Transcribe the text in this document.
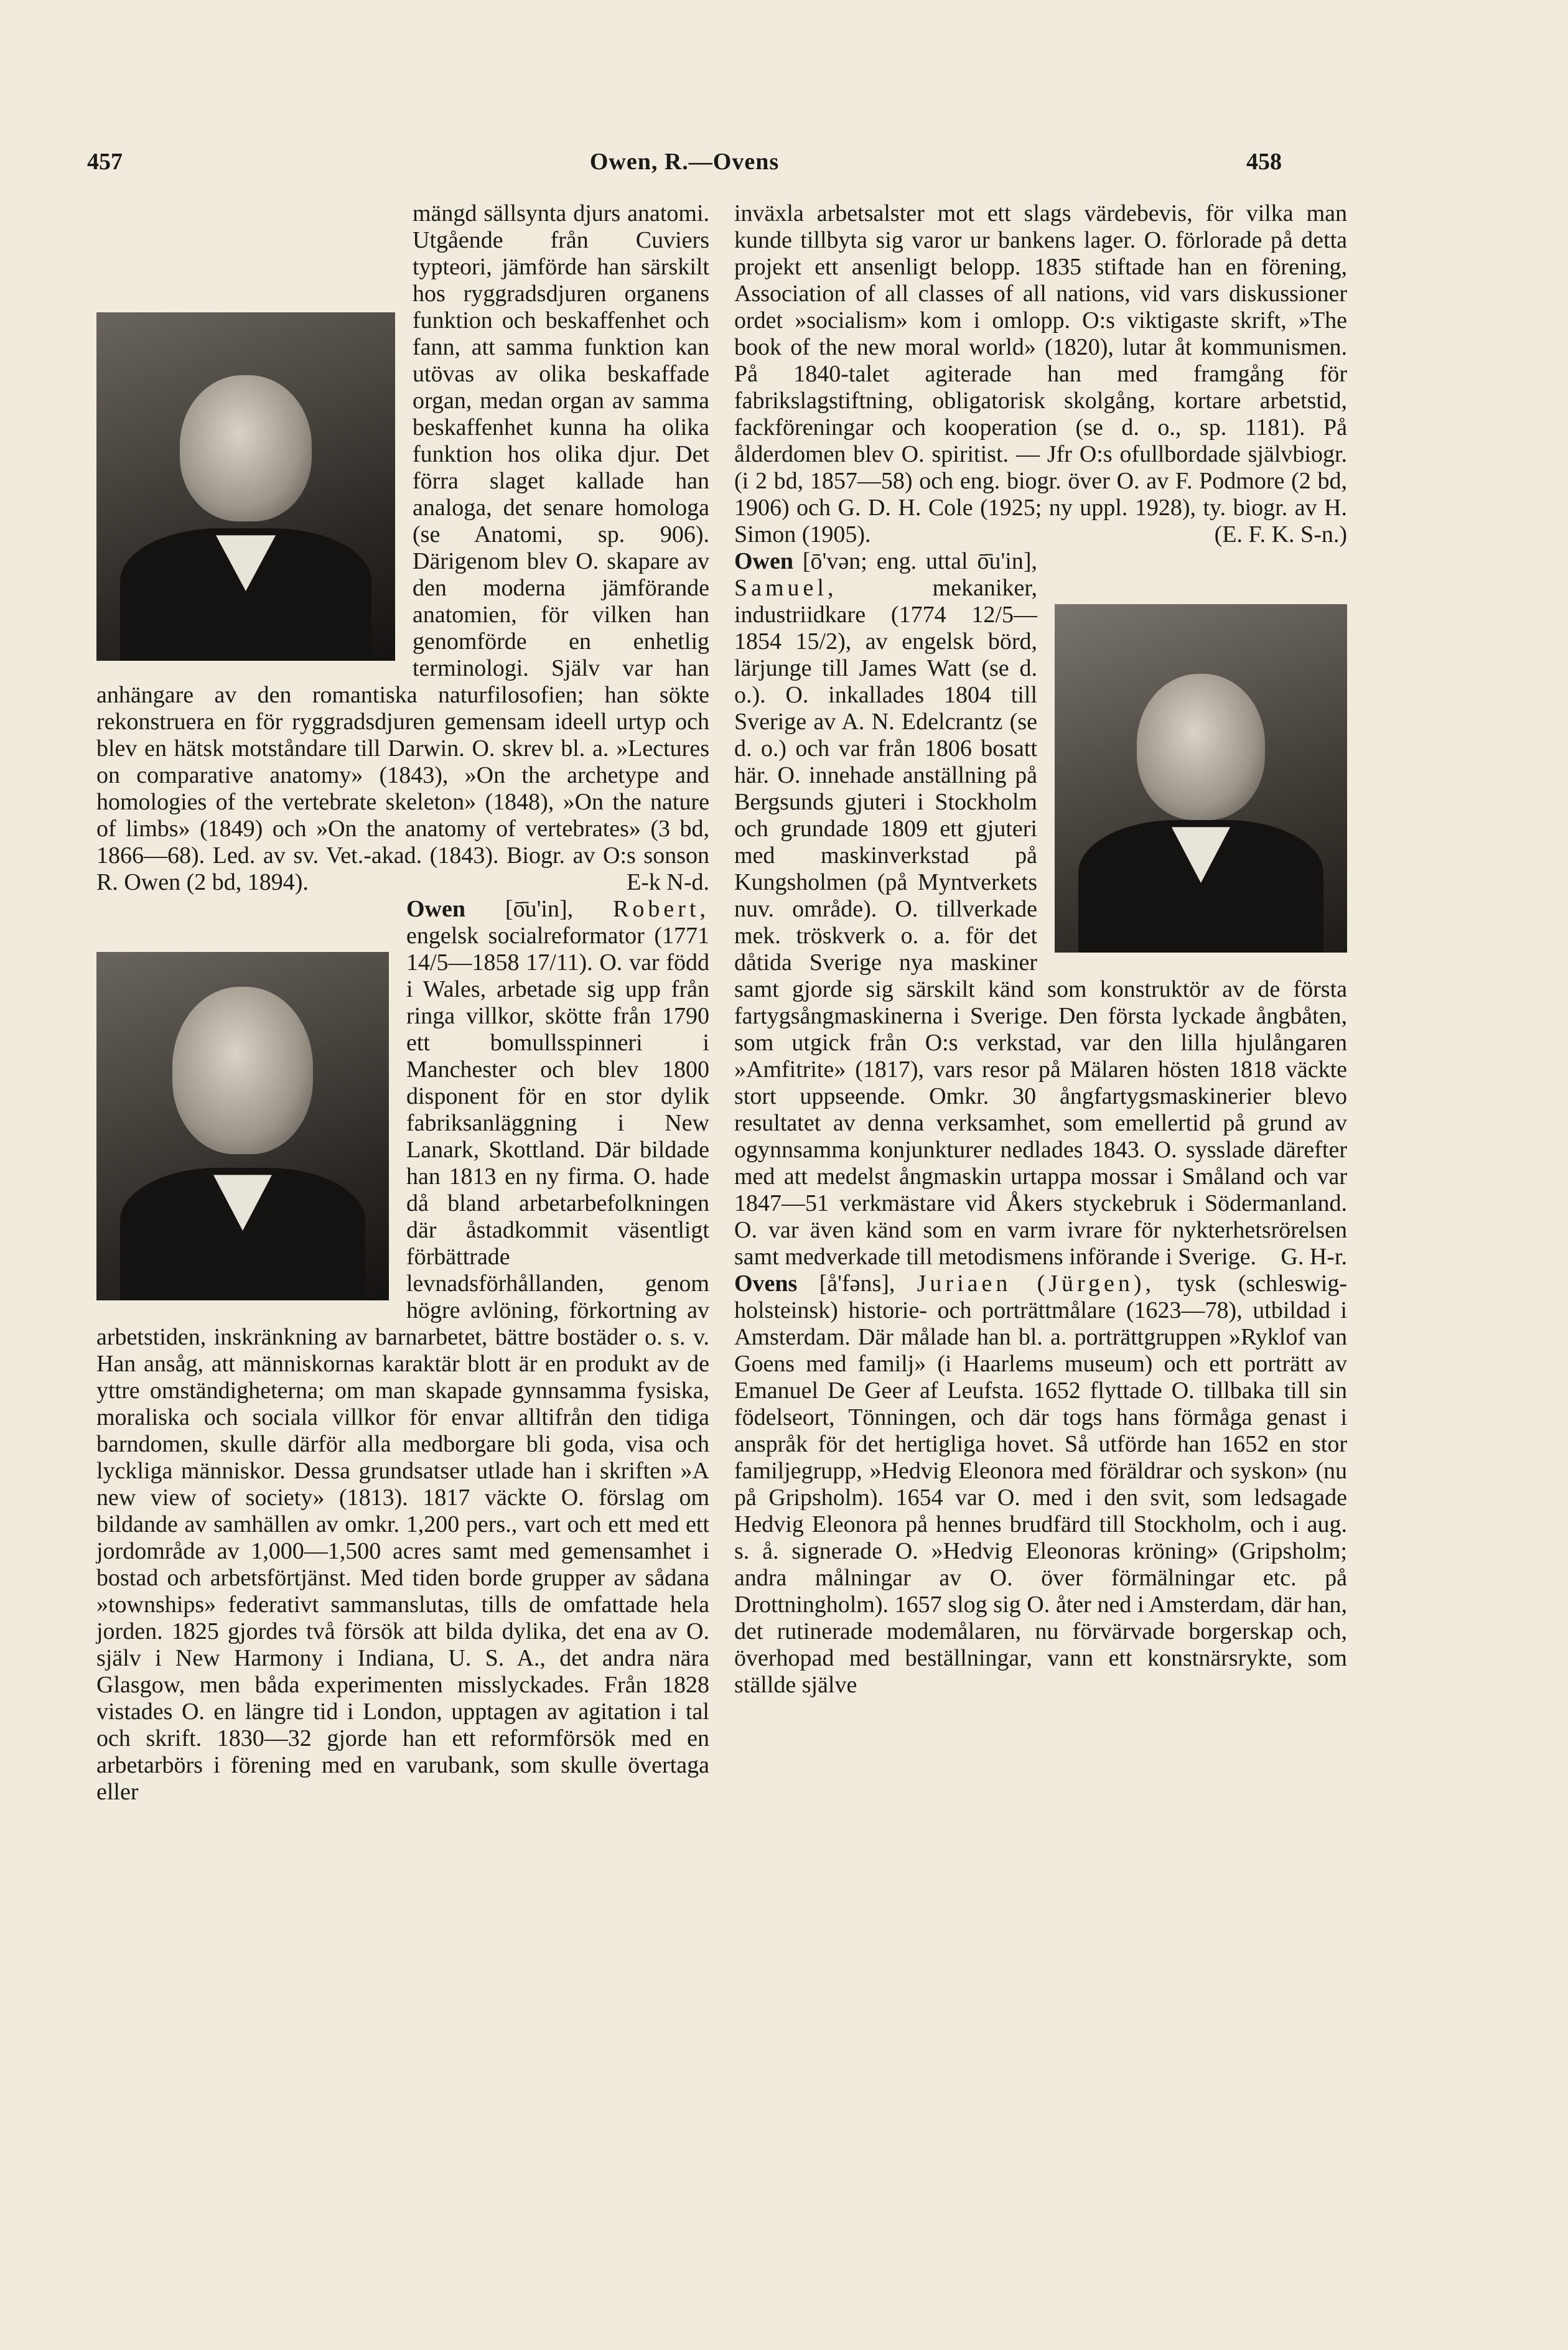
457	Owen, R.—Ovens	458

mängd sällsynta djurs anatomi. Utgående från Cuviers typteori, jämförde han särskilt hos ryggradsdjuren organens funktion och beskaffenhet och fann, att samma funktion kan utövas av olika beskaffade organ, medan organ av samma beskaffenhet kunna ha olika funktion hos olika djur. Det förra slaget kallade han analoga, det senare homologa (se Anatomi, sp. 906). Därigenom blev O. skapare av den moderna jämförande anatomien, för vilken han genomförde en enhetlig terminologi. Själv var han anhängare av den romantiska naturfilosofien; han sökte rekonstruera en för ryggradsdjuren gemensam ideell urtyp och blev en hätsk motståndare till Darwin. O. skrev bl. a. »Lectures on comparative anatomy» (1843), »On the archetype and homologies of the vertebrate skeleton» (1848), »On the nature of limbs» (1849) och »On the anatomy of vertebrates» (3 bd, 1866—68). Led. av sv. Vet.-akad. (1843). Biogr. av O:s sonson R. Owen (2 bd, 1894).	E-k N-d.

Owen [ō̄u'in], Robert, engelsk socialreformator (1771 14/5—1858 17/11). O. var född i Wales, arbetade sig upp från ringa villkor, skötte från 1790 ett bomullsspinneri i Manchester och blev 1800 disponent för en stor dylik fabriksanläggning i New Lanark, Skottland. Där bildade han 1813 en ny firma. O. hade då bland arbetarbefolkningen där åstadkommit väsentligt förbättrade levnadsförhållanden, genom högre avlöning, förkortning av arbetstiden, inskränkning av barnarbetet, bättre bostäder o. s. v. Han ansåg, att människornas karaktär blott är en produkt av de yttre omständigheterna; om man skapade gynnsamma fysiska, moraliska och sociala villkor för envar alltifrån den tidiga barndomen, skulle därför alla medborgare bli goda, visa och lyckliga människor. Dessa grundsatser utlade han i skriften »A new view of society» (1813). 1817 väckte O. förslag om bildande av samhällen av omkr. 1,200 pers., vart och ett med ett jordområde av 1,000—1,500 acres samt med gemensamhet i bostad och arbetsförtjänst. Med tiden borde grupper av sådana »townships» federativt sammanslutas, tills de omfattade hela jorden. 1825 gjordes två försök att bilda dylika, det ena av O. själv i New Harmony i Indiana, U. S. A., det andra nära Glasgow, men båda experimenten misslyckades. Från 1828 vistades O. en längre tid i London, upptagen av agitation i tal och skrift. 1830—32 gjorde han ett reformförsök med en arbetarbörs i förening med en varubank, som skulle övertaga eller

inväxla arbetsalster mot ett slags värdebevis, för vilka man kunde tillbyta sig varor ur bankens lager. O. förlorade på detta projekt ett ansenligt belopp. 1835 stiftade han en förening, Association of all classes of all nations, vid vars diskussioner ordet »socialism» kom i omlopp. O:s viktigaste skrift, »The book of the new moral world» (1820), lutar åt kommunismen. På 1840-talet agiterade han med framgång för fabrikslagstiftning, obligatorisk skolgång, kortare arbetstid, fackföreningar och kooperation (se d. o., sp. 1181). På ålderdomen blev O. spiritist. — Jfr O:s ofullbordade självbiogr. (i 2 bd, 1857—58) och eng. biogr. över O. av F. Podmore (2 bd, 1906) och G. D. H. Cole (1925; ny uppl. 1928), ty. biogr. av H. Simon (1905).	(E. F. K. S-n.)

Owen [ō'vən; eng. uttal ō̄u'in], Samuel,	mekaniker, industriidkare (1774 12/5—1854 15/2), av engelsk börd, lärjunge till James Watt (se d. o.). O. inkallades 1804 till Sverige av A. N. Edelcrantz (se d. o.) och var från 1806 bosatt här. O. innehade anställning på Bergsunds gjuteri i Stockholm och grundade 1809 ett gjuteri med maskinverkstad på Kungsholmen (på Myntverkets nuv. område). O. tillverkade mek. tröskverk o. a. för det dåtida Sverige nya maskiner samt gjorde sig särskilt känd som konstruktör av de första fartygsångmaskinerna i Sverige. Den första lyckade ångbåten, som utgick från O:s verkstad, var den lilla hjulångaren »Amfitrite» (1817), vars resor på Mälaren hösten 1818 väckte stort uppseende. Omkr. 30 ångfartygsmaskinerier blevo resultatet av denna verksamhet, som emellertid på grund av ogynnsamma konjunkturer nedlades 1843. O. sysslade därefter med att medelst ångmaskin urtappa mossar i Småland och var 1847—51 verkmästare vid Åkers styckebruk i Södermanland. O. var även känd som en varm ivrare för nykterhetsrörelsen samt medverkade till metodismens införande i Sverige. G. H-r.

Ovens [å'fəns], Juriaen (Jürgen), tysk (schleswig-holsteinsk) historie- och porträttmålare (1623—78), utbildad i Amsterdam. Där målade han bl. a. porträttgruppen »Ryklof van Goens med familj» (i Haarlems museum) och ett porträtt av Emanuel De Geer af Leufsta. 1652 flyttade O. tillbaka till sin födelseort, Tönningen, och där togs hans förmåga genast i anspråk för det hertigliga hovet. Så utförde han 1652 en stor familjegrupp, »Hedvig Eleonora med föräldrar och syskon» (nu på Gripsholm). 1654 var O. med i den svit, som ledsagade Hedvig Eleonora på hennes brudfärd till Stockholm, och i aug. s. å. signerade O. »Hedvig Eleonoras kröning» (Gripsholm; andra målningar av O. över förmälningar etc. på Drottningholm). 1657 slog sig O. åter ned i Amsterdam, där han, det rutinerade modemålaren, nu förvärvade borgerskap och, överhopad med beställningar, vann ett konstnärsrykte, som ställde själve
